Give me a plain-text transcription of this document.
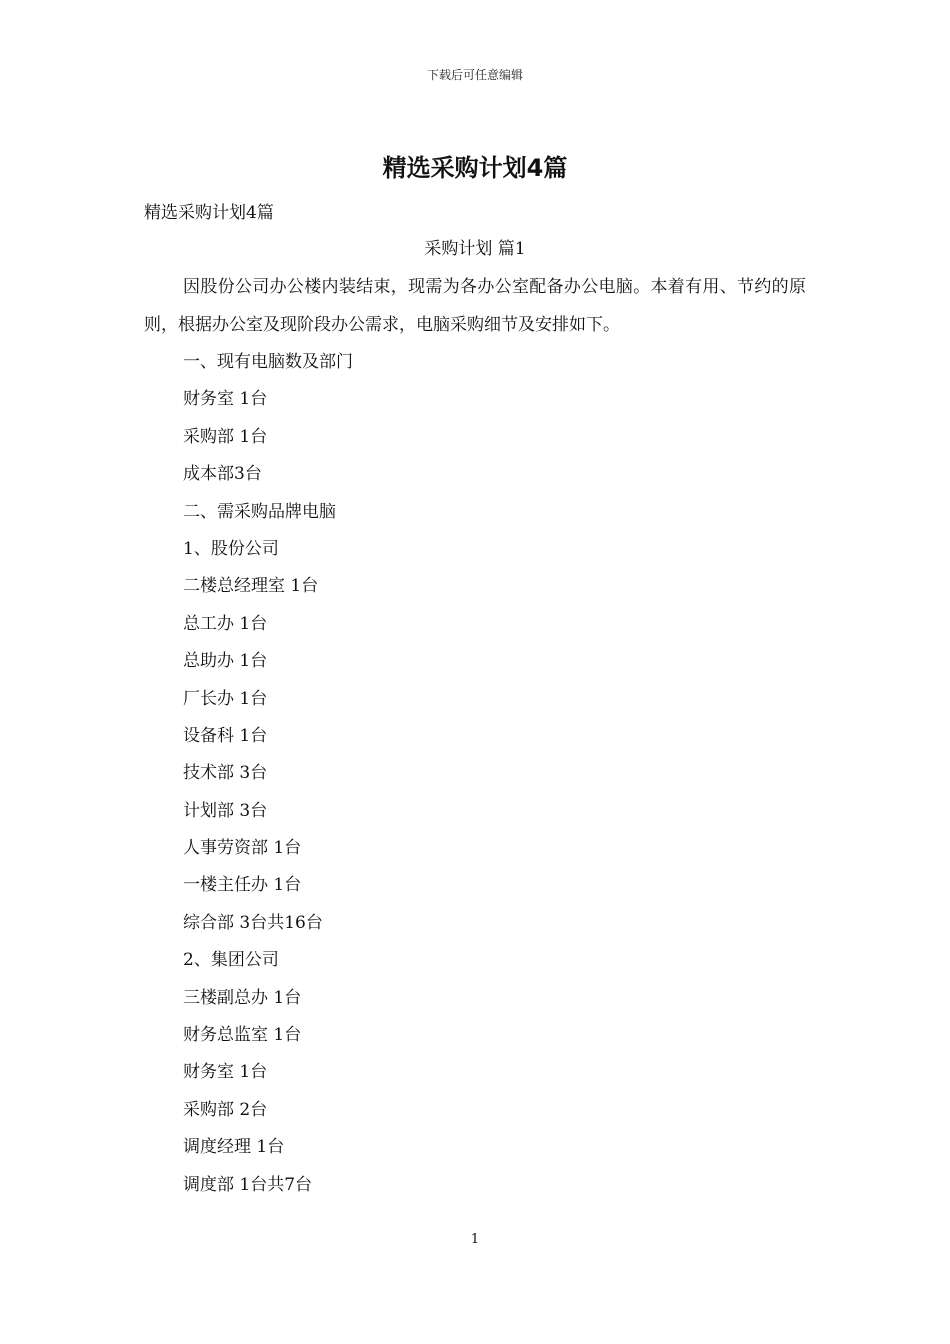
下载后可任意编辑
精选采购计划4篇
精选采购计划4篇
采购计划 篇1

因股份公司办公楼内装结束，现需为各办公室配备办公电脑。本着有用、节约的原则，根据办公室及现阶段办公需求，电脑采购细节及安排如下。

一、现有电脑数及部门
财务室 1台
采购部 1台
成本部3台
二、需采购品牌电脑
1、股份公司
二楼总经理室 1台
总工办 1台
总助办 1台
厂长办 1台
设备科 1台
技术部 3台
计划部 3台
人事劳资部 1台
一楼主任办 1台
综合部 3台共16台
2、集团公司
三楼副总办 1台
财务总监室 1台
财务室 1台
采购部 2台
调度经理 1台
调度部 1台共7台
1
